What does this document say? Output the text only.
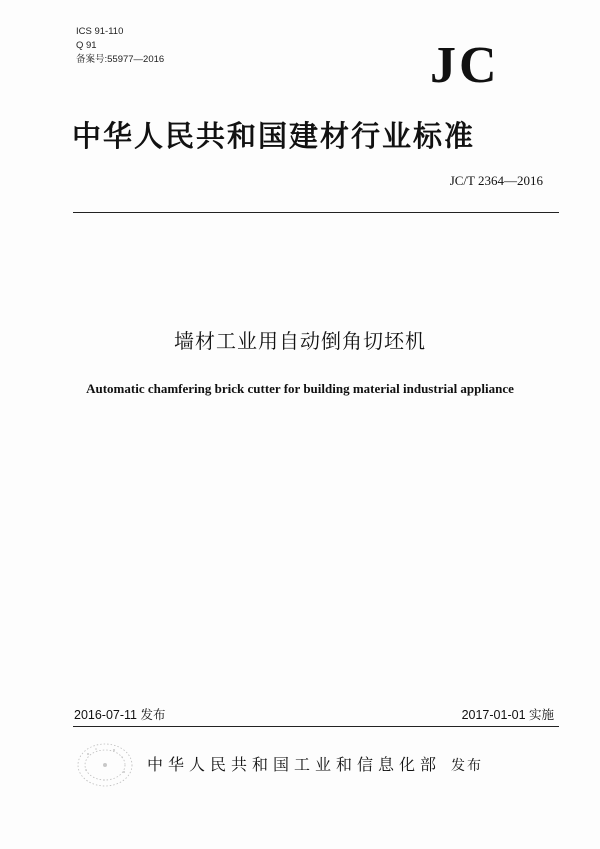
ICS 91-110
Q 91
备案号:55977—2016	JC
中华人民共和国建材行业标准
JC/T 2364—2016
墙材工业用自动倒角切坯机
Automatic chamfering brick cutter for building material industrial appliance
2016-07-11 发布	2017-01-01 实施
中华人民共和国工业和信息化部 发布
